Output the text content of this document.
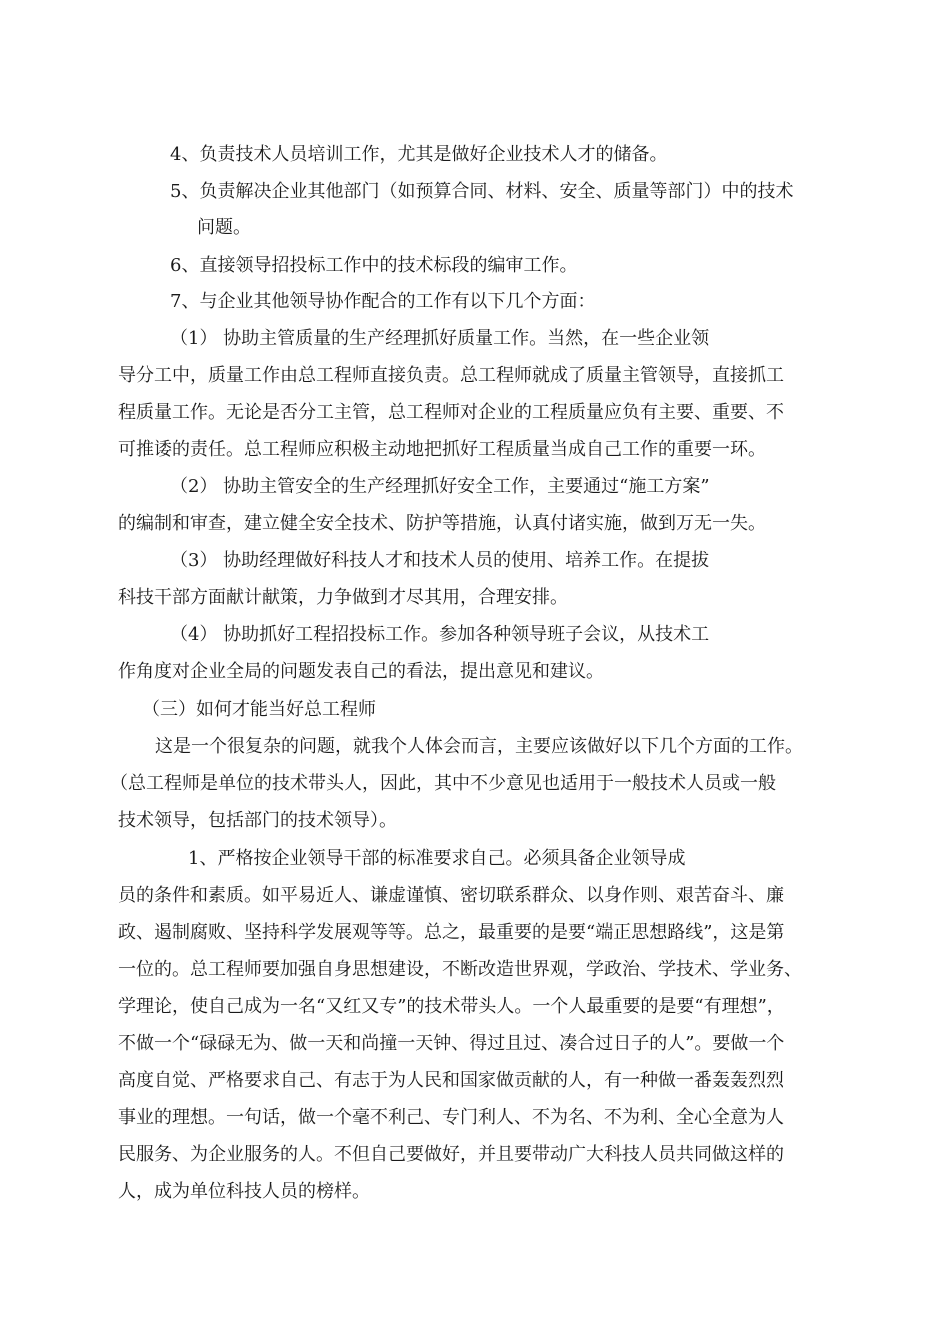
4、负责技术人员培训工作，尤其是做好企业技术人才的储备。
5、负责解决企业其他部门（如预算合同、材料、安全、质量等部门）中的技术
问题。
6、直接领导招投标工作中的技术标段的编审工作。
7、与企业其他领导协作配合的工作有以下几个方面：
（1） 协助主管质量的生产经理抓好质量工作。当然，在一些企业领
导分工中，质量工作由总工程师直接负责。总工程师就成了质量主管领导，直接抓工
程质量工作。无论是否分工主管，总工程师对企业的工程质量应负有主要、重要、不
可推诿的责任。总工程师应积极主动地把抓好工程质量当成自己工作的重要一环。
（2） 协助主管安全的生产经理抓好安全工作，主要通过“施工方案”
的编制和审查，建立健全安全技术、防护等措施，认真付诸实施，做到万无一失。
（3） 协助经理做好科技人才和技术人员的使用、培养工作。在提拔
科技干部方面献计献策，力争做到才尽其用，合理安排。
（4） 协助抓好工程招投标工作。参加各种领导班子会议，从技术工
作角度对企业全局的问题发表自己的看法，提出意见和建议。
（三）如何才能当好总工程师
这是一个很复杂的问题，就我个人体会而言，主要应该做好以下几个方面的工作。
（总工程师是单位的技术带头人，因此，其中不少意见也适用于一般技术人员或一般
技术领导，包括部门的技术领导）。
1、严格按企业领导干部的标准要求自己。必须具备企业领导成
员的条件和素质。如平易近人、谦虚谨慎、密切联系群众、以身作则、艰苦奋斗、廉
政、遏制腐败、坚持科学发展观等等。总之，最重要的是要“端正思想路线”，这是第
一位的。总工程师要加强自身思想建设，不断改造世界观，学政治、学技术、学业务、
学理论，使自己成为一名“又红又专”的技术带头人。一个人最重要的是要“有理想”，
不做一个“碌碌无为、做一天和尚撞一天钟、得过且过、凑合过日子的人”。要做一个
高度自觉、严格要求自己、有志于为人民和国家做贡献的人，有一种做一番轰轰烈烈
事业的理想。一句话，做一个毫不利己、专门利人、不为名、不为利、全心全意为人
民服务、为企业服务的人。不但自己要做好，并且要带动广大科技人员共同做这样的
人，成为单位科技人员的榜样。
